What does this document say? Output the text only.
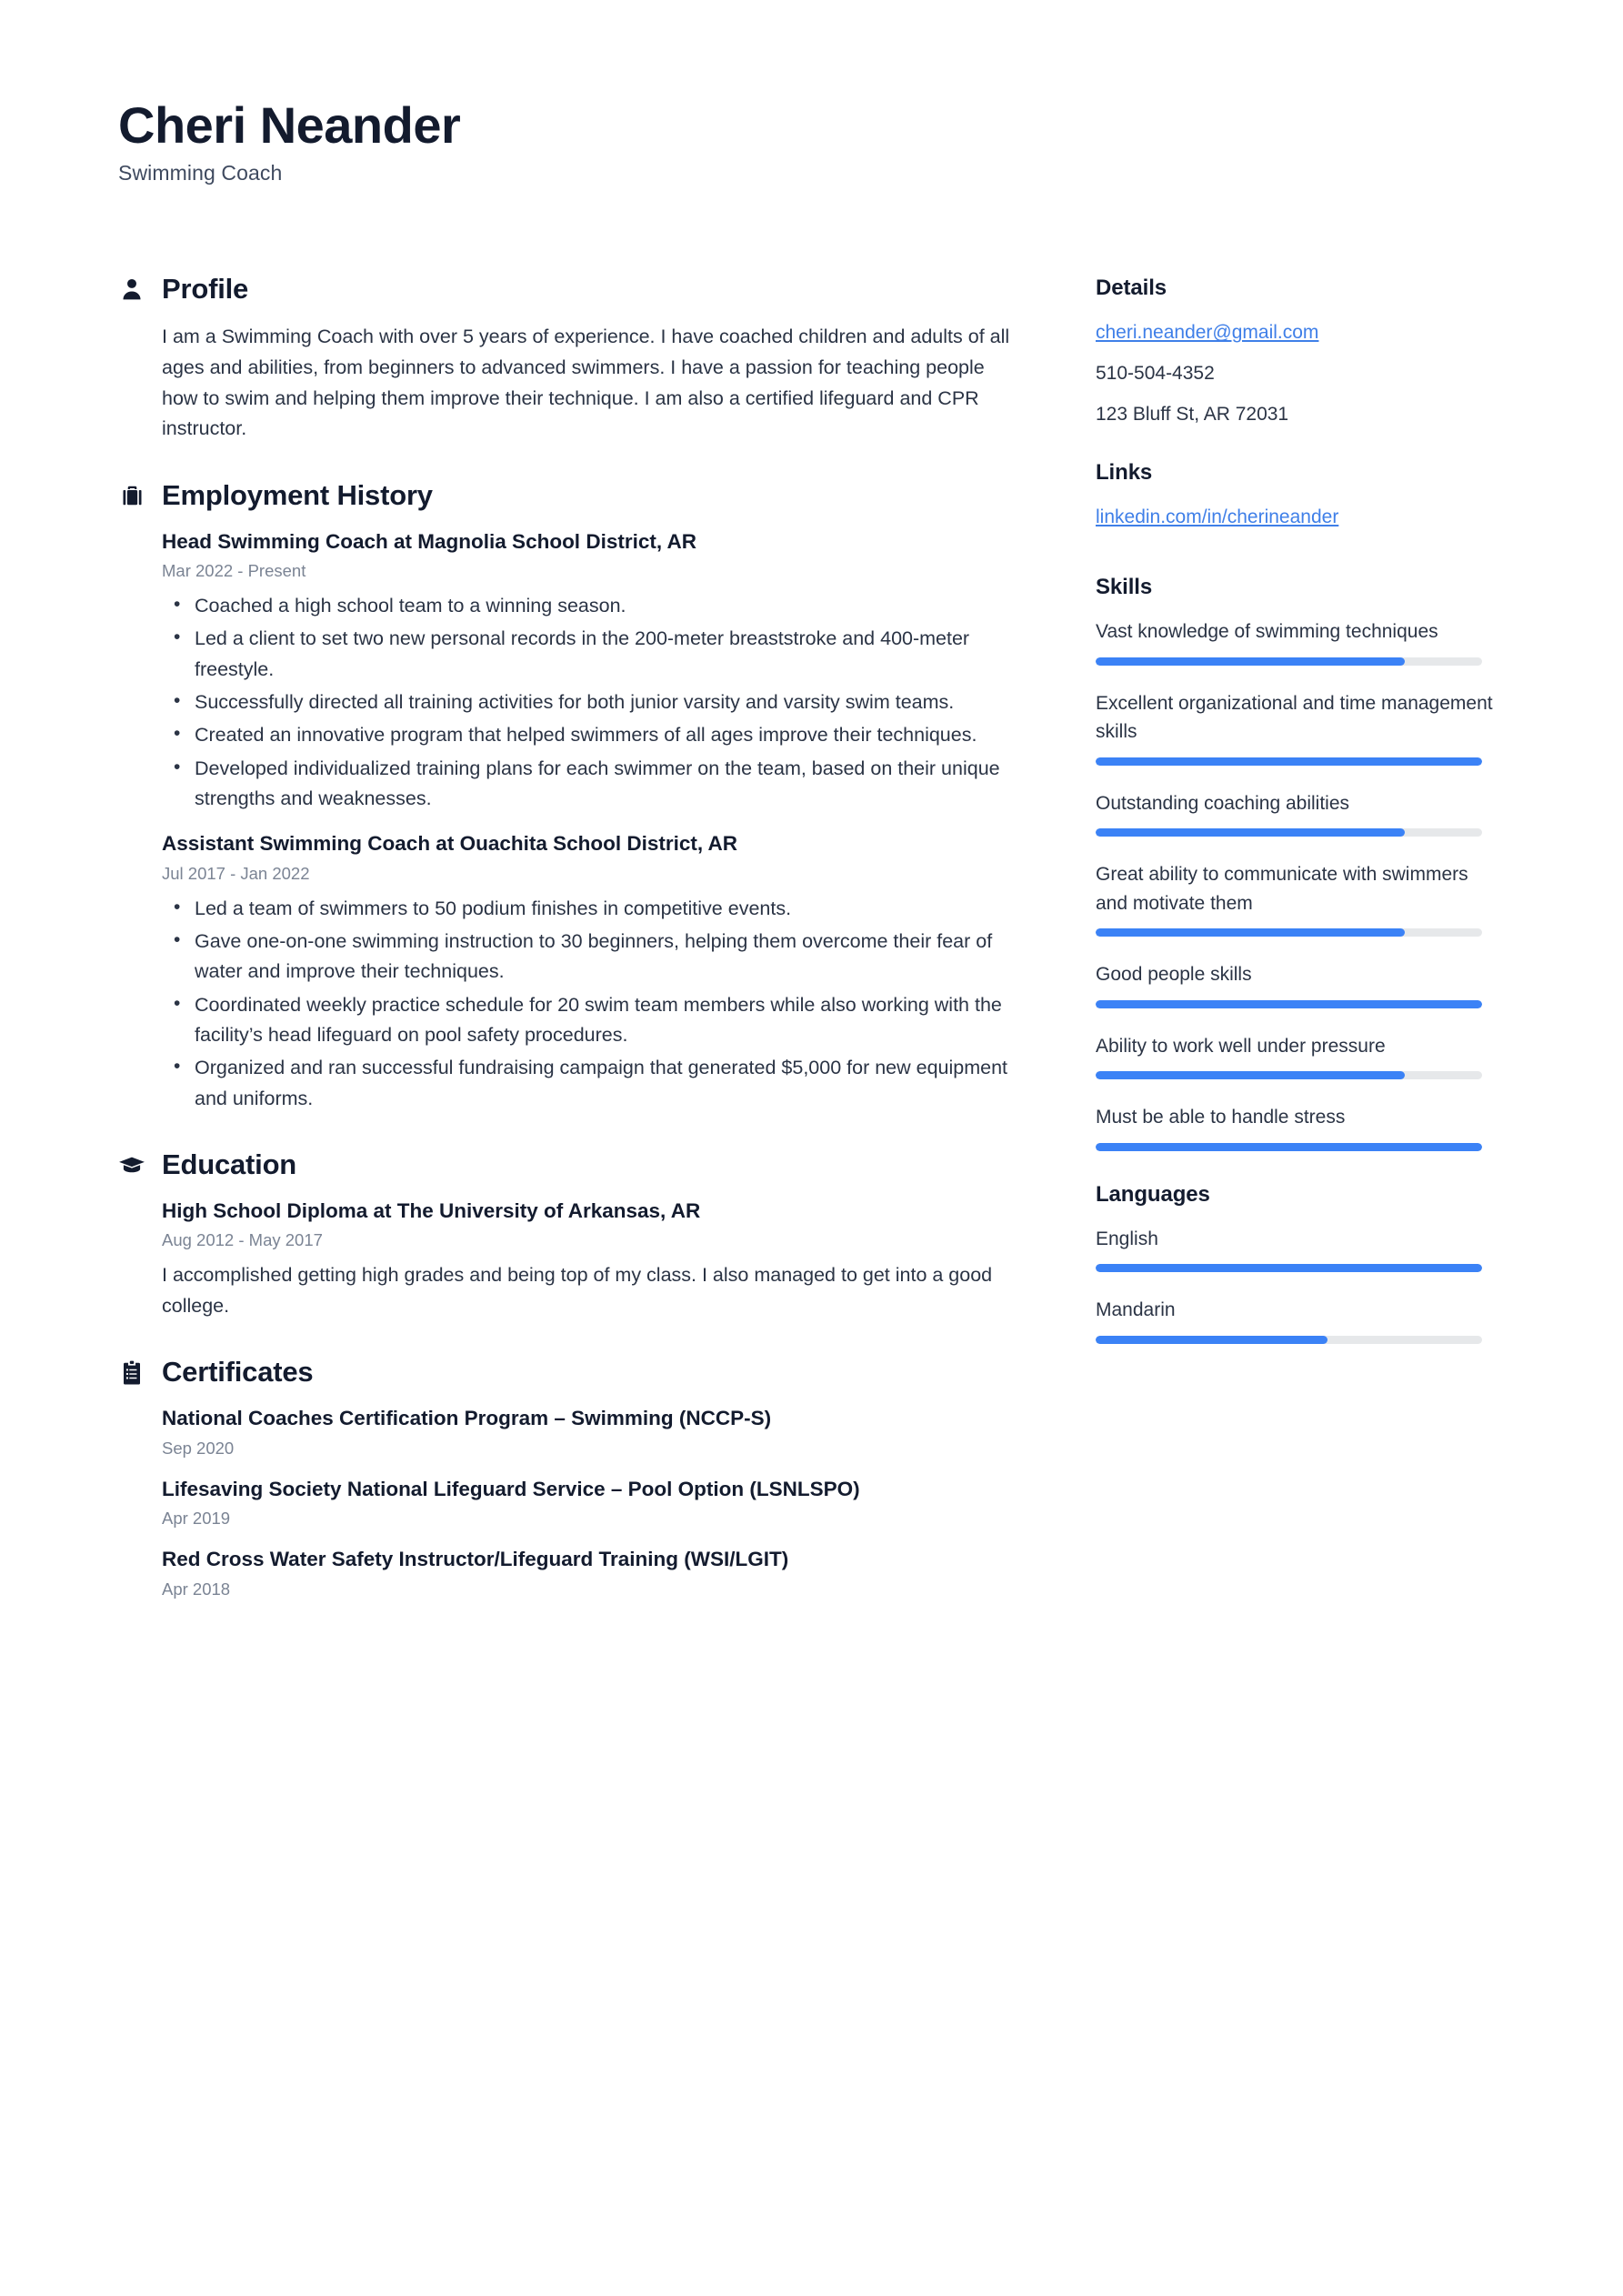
Cheri Neander
Swimming Coach
Profile
I am a Swimming Coach with over 5 years of experience. I have coached children and adults of all ages and abilities, from beginners to advanced swimmers. I have a passion for teaching people how to swim and helping them improve their technique. I am also a certified lifeguard and CPR instructor.
Employment History
Head Swimming Coach at Magnolia School District, AR
Mar 2022 - Present
• Coached a high school team to a winning season.
• Led a client to set two new personal records in the 200-meter breaststroke and 400-meter freestyle.
• Successfully directed all training activities for both junior varsity and varsity swim teams.
• Created an innovative program that helped swimmers of all ages improve their techniques.
• Developed individualized training plans for each swimmer on the team, based on their unique strengths and weaknesses.
Assistant Swimming Coach at Ouachita School District, AR
Jul 2017 - Jan 2022
• Led a team of swimmers to 50 podium finishes in competitive events.
• Gave one-on-one swimming instruction to 30 beginners, helping them overcome their fear of water and improve their techniques.
• Coordinated weekly practice schedule for 20 swim team members while also working with the facility’s head lifeguard on pool safety procedures.
• Organized and ran successful fundraising campaign that generated $5,000 for new equipment and uniforms.
Education
High School Diploma at The University of Arkansas, AR
Aug 2012 - May 2017
I accomplished getting high grades and being top of my class. I also managed to get into a good college.
Certificates
National Coaches Certification Program – Swimming (NCCP-S)
Sep 2020
Lifesaving Society National Lifeguard Service – Pool Option (LSNLSPO)
Apr 2019
Red Cross Water Safety Instructor/Lifeguard Training (WSI/LGIT)
Apr 2018
Details
cheri.neander@gmail.com
510-504-4352
123 Bluff St, AR 72031
Links
linkedin.com/in/cherineander
Skills
Vast knowledge of swimming techniques
Excellent organizational and time management skills
Outstanding coaching abilities
Great ability to communicate with swimmers and motivate them
Good people skills
Ability to work well under pressure
Must be able to handle stress
Languages
English
Mandarin
